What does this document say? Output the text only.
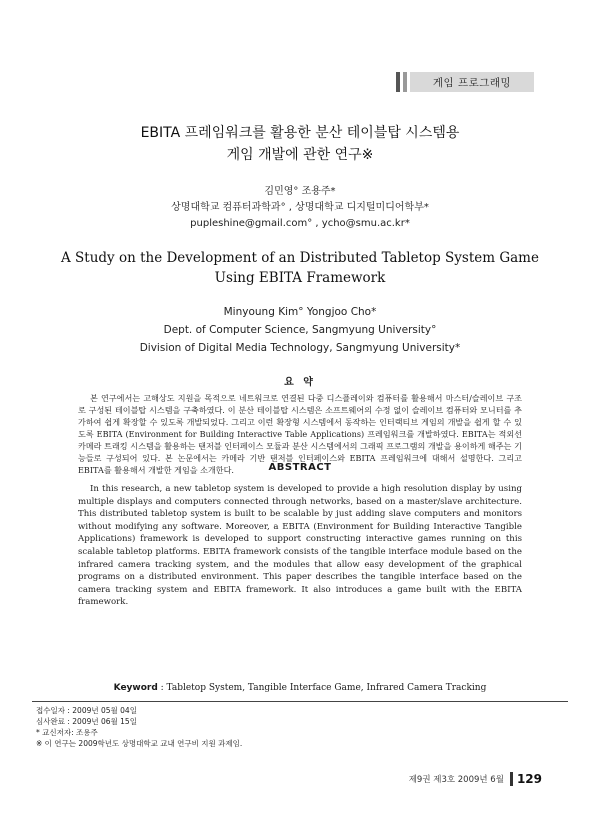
게임 프로그래밍
EBITA 프레임워크를 활용한 분산 테이블탑 시스템용
게임 개발에 관한 연구※
김민영° 조용주*
상명대학교 컴퓨터과학과° , 상명대학교 디지털미디어학부*
pupleshine@gmail.com° , ycho@smu.ac.kr*
A Study on the Development of an Distributed Tabletop System Game
Using EBITA Framework
Minyoung Kim° Yongjoo Cho*
Dept. of Computer Science, Sangmyung University°
Division of Digital Media Technology, Sangmyung University*
요 약
본 연구에서는 고해상도 지원을 목적으로 네트워크로 연결된 다중 디스플레이와 컴퓨터를 활용해서 마스터/슬레이브 구조로 구성된 테이블탑 시스템을 구축하였다. 이 분산 테이블탑 시스템은 소프트웨어의 수정 없이 슬레이브 컴퓨터와 모니터를 추가하여 쉽게 확장할 수 있도록 개발되었다. 그리고 이런 확장형 시스템에서 동작하는 인터랙티브 게임의 개발을 쉽게 할 수 있도록 EBITA (Environment for Building Interactive Table Applications) 프레임워크를 개발하였다. EBITA는 적외선 카메라 트래킹 시스템을 활용하는 탠저블 인터페이스 모듈과 분산 시스템에서의 그래픽 프로그램의 개발을 용이하게 해주는 기능들로 구성되어 있다. 본 논문에서는 카메라 기반 탠저블 인터페이스와 EBITA 프레임워크에 대해서 설명한다. 그리고 EBITA를 활용해서 개발한 게임을 소개한다.	ABSTRACT
In this research, a new tabletop system is developed to provide a high resolution display by using multiple displays and computers connected through networks, based on a master/slave architecture. This distributed tabletop system is built to be scalable by just adding slave computers and monitors without modifying any software. Moreover, a EBITA (Environment for Building Interactive Tangible Applications) framework is developed to support constructing interactive games running on this scalable tabletop platforms. EBITA framework consists of the tangible interface module based on the infrared camera tracking system, and the modules that allow easy development of the graphical programs on a distributed environment. This paper describes the tangible interface based on the camera tracking system and EBITA framework. It also introduces a game built with the EBITA framework.
Keyword : Tabletop System, Tangible Interface Game, Infrared Camera Tracking
접수일자 : 2009년 05월 04일
심사완료 : 2009년 06월 15일
* 교신저자: 조용주
※ 이 연구는 2009학년도 상명대학교 교내 연구비 지원 과제임.
제9권 제3호 2009년 6월 129
